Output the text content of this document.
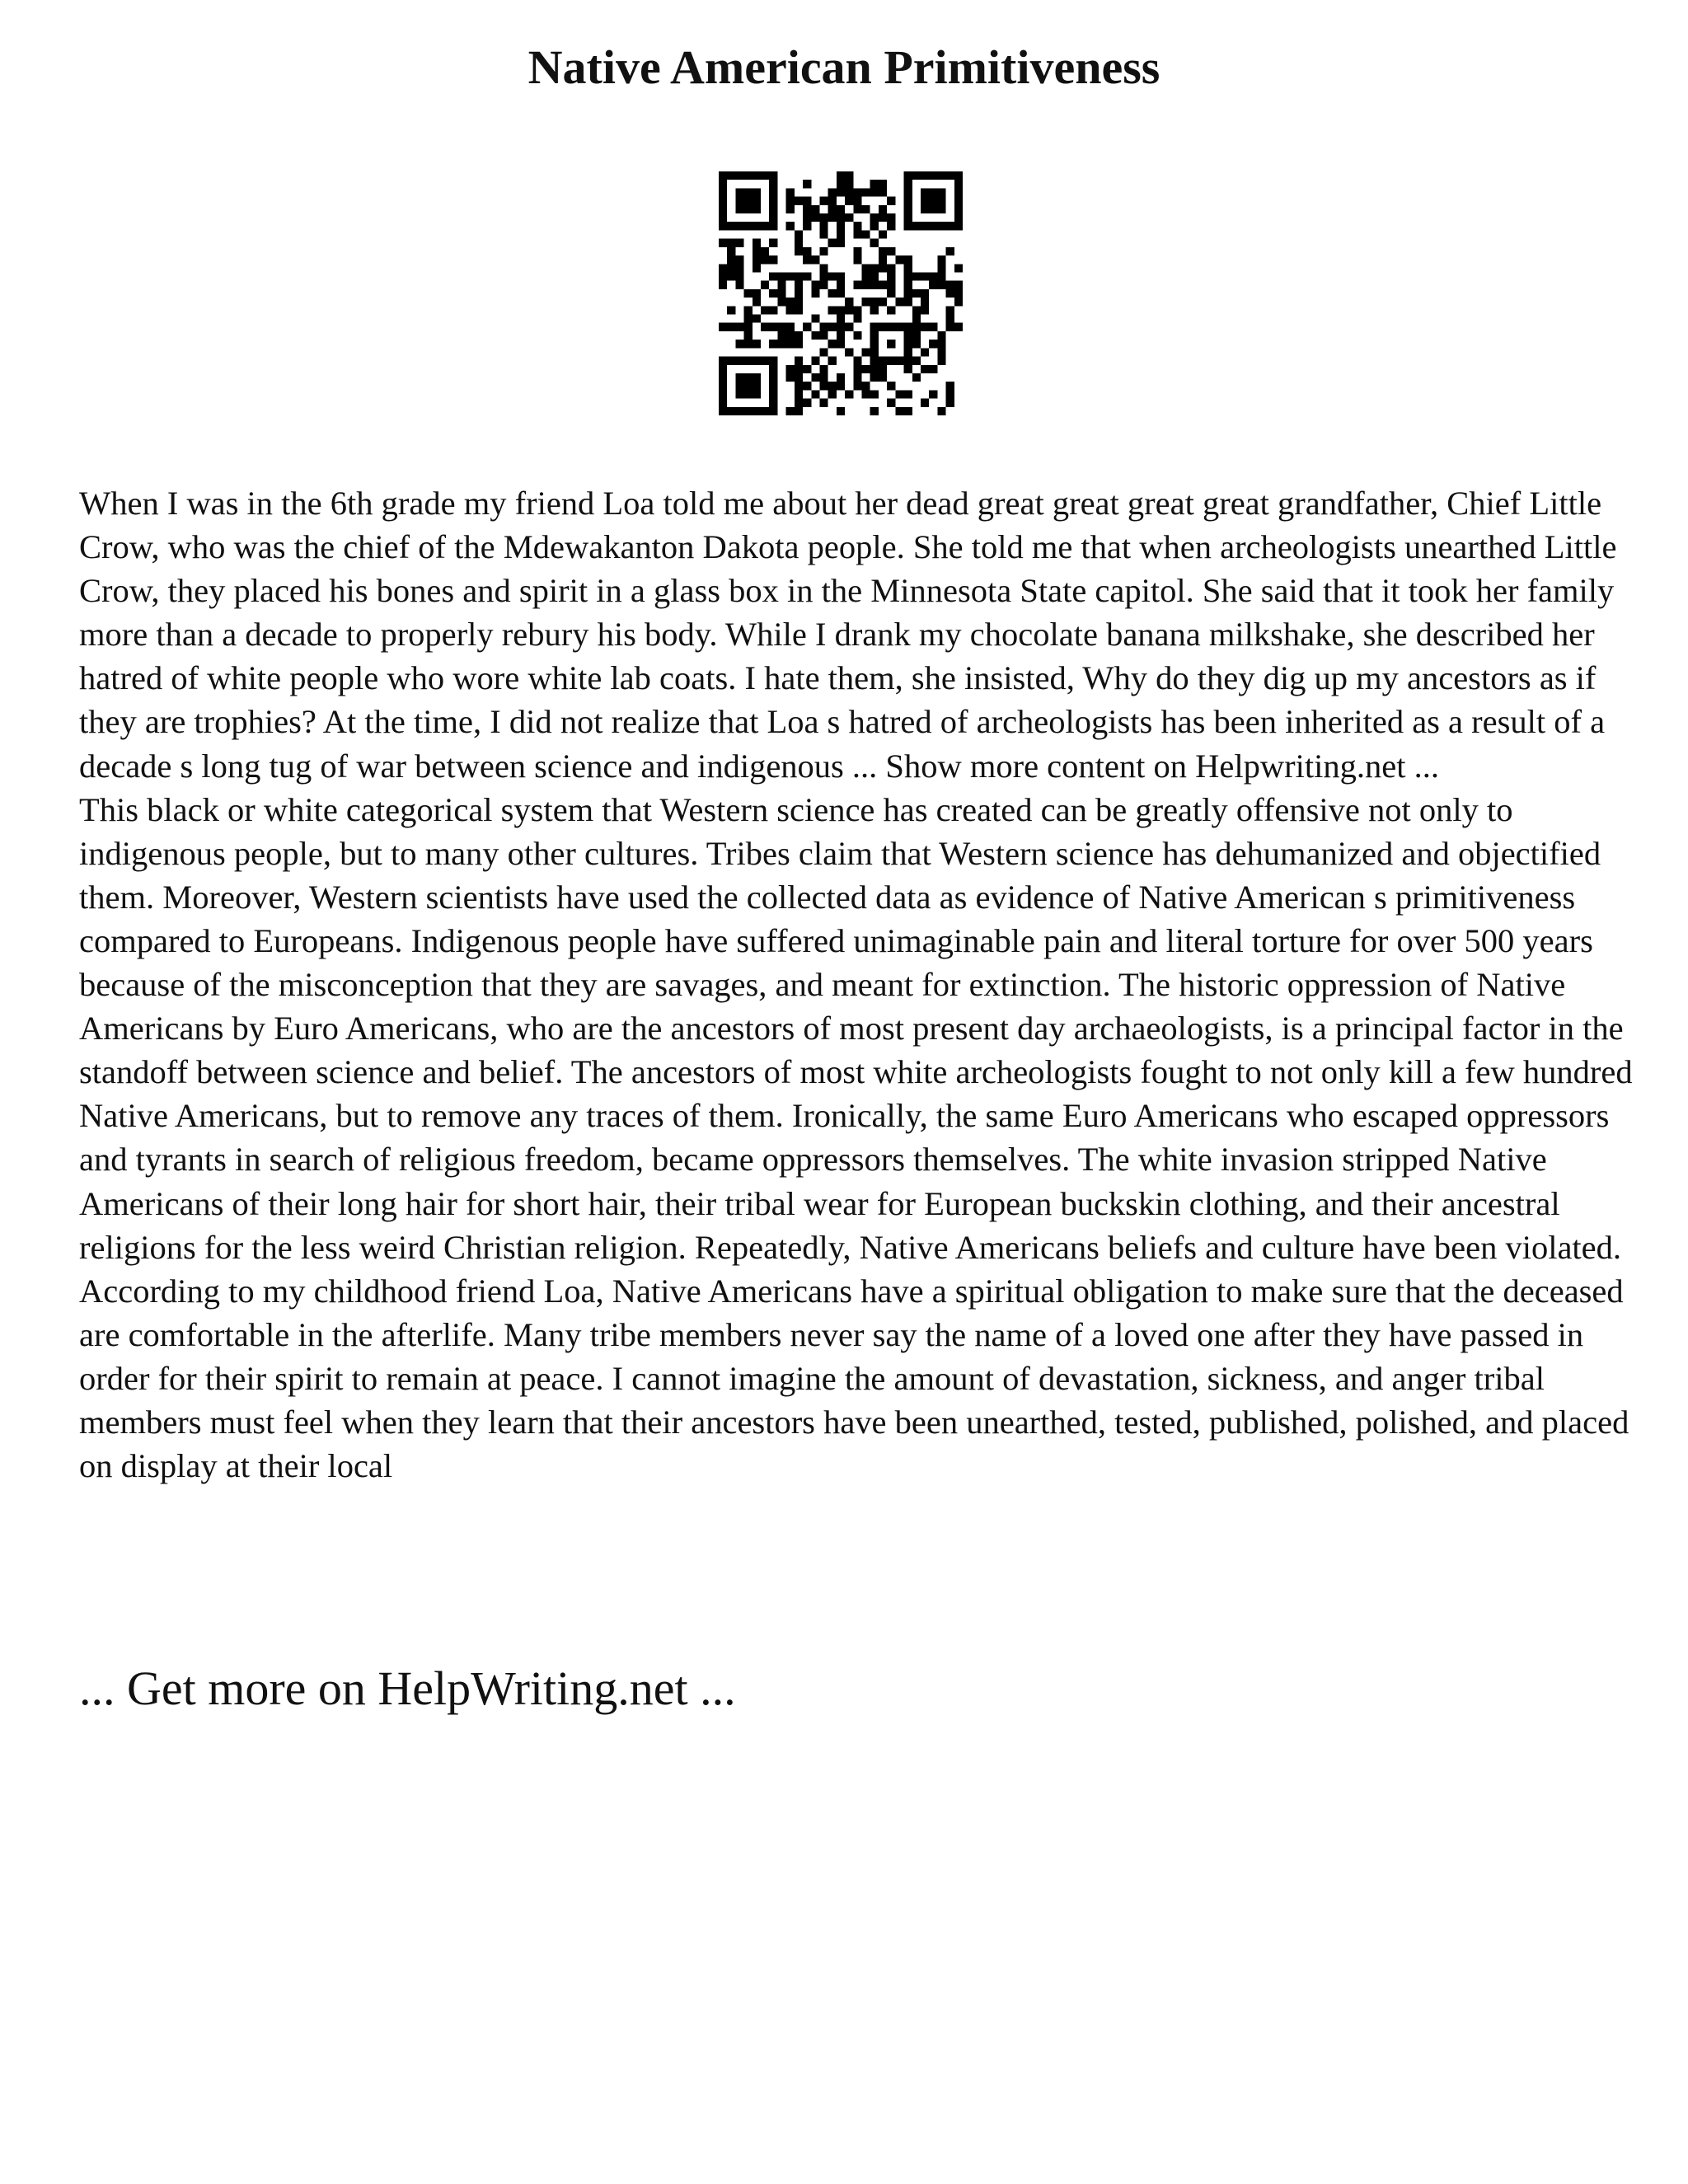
Native American Primitiveness

When I was in the 6th grade my friend Loa told me about her dead great great great great grandfather, Chief Little Crow, who was the chief of the Mdewakanton Dakota people. She told me that when archeologists unearthed Little Crow, they placed his bones and spirit in a glass box in the Minnesota State capitol. She said that it took her family more than a decade to properly rebury his body. While I drank my chocolate banana milkshake, she described her hatred of white people who wore white lab coats. I hate them, she insisted, Why do they dig up my ancestors as if they are trophies? At the time, I did not realize that Loa s hatred of archeologists has been inherited as a result of a decade s long tug of war between science and indigenous ... Show more content on Helpwriting.net ...

This black or white categorical system that Western science has created can be greatly offensive not only to indigenous people, but to many other cultures. Tribes claim that Western science has dehumanized and objectified them. Moreover, Western scientists have used the collected data as evidence of Native American s primitiveness compared to Europeans. Indigenous people have suffered unimaginable pain and literal torture for over 500 years because of the misconception that they are savages, and meant for extinction. The historic oppression of Native Americans by Euro Americans, who are the ancestors of most present day archaeologists, is a principal factor in the standoff between science and belief. The ancestors of most white archeologists fought to not only kill a few hundred Native Americans, but to remove any traces of them. Ironically, the same Euro Americans who escaped oppressors and tyrants in search of religious freedom, became oppressors themselves. The white invasion stripped Native Americans of their long hair for short hair, their tribal wear for European buckskin clothing, and their ancestral religions for the less weird Christian religion. Repeatedly, Native Americans beliefs and culture have been violated. According to my childhood friend Loa, Native Americans have a spiritual obligation to make sure that the deceased are comfortable in the afterlife. Many tribe members never say the name of a loved one after they have passed in order for their spirit to remain at peace. I cannot imagine the amount of devastation, sickness, and anger tribal members must feel when they learn that their ancestors have been unearthed, tested, published, polished, and placed on display at their local

... Get more on HelpWriting.net ...
